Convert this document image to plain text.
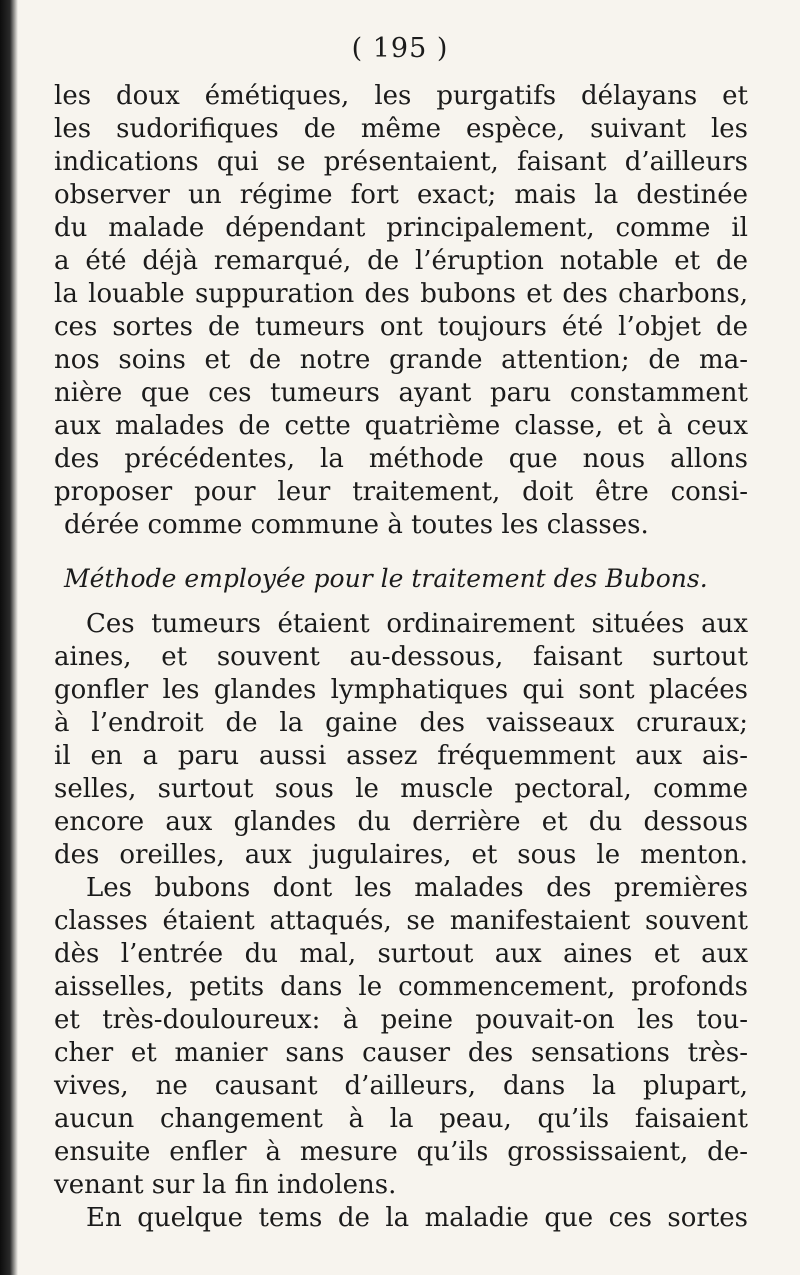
( 195 )
les doux émétiques, les purgatifs délayans et
les sudorifiques de même espèce, suivant les
indications qui se présentaient, faisant d’ailleurs
observer un régime fort exact; mais la destinée
du malade dépendant principalement, comme il
a été déjà remarqué, de l’éruption notable et de
la louable suppuration des bubons et des charbons,
ces sortes de tumeurs ont toujours été l’objet de
nos soins et de notre grande attention; de ma-
nière que ces tumeurs ayant paru constamment
aux malades de cette quatrième classe, et à ceux
des précédentes, la méthode que nous allons
proposer pour leur traitement, doit être consi-
dérée comme commune à toutes les classes.
Méthode employée pour le traitement des Bubons.
Ces tumeurs étaient ordinairement situées aux
aines, et souvent au-dessous, faisant surtout
gonfler les glandes lymphatiques qui sont placées
à l’endroit de la gaine des vaisseaux cruraux;
il en a paru aussi assez fréquemment aux ais-
selles, surtout sous le muscle pectoral, comme
encore aux glandes du derrière et du dessous
des oreilles, aux jugulaires, et sous le menton.
Les bubons dont les malades des premières
classes étaient attaqués, se manifestaient souvent
dès l’entrée du mal, surtout aux aines et aux
aisselles, petits dans le commencement, profonds
et très-douloureux: à peine pouvait-on les tou-
cher et manier sans causer des sensations très-
vives, ne causant d’ailleurs, dans la plupart,
aucun changement à la peau, qu’ils faisaient
ensuite enfler à mesure qu’ils grossissaient, de-
venant sur la fin indolens.
En quelque tems de la maladie que ces sortes
